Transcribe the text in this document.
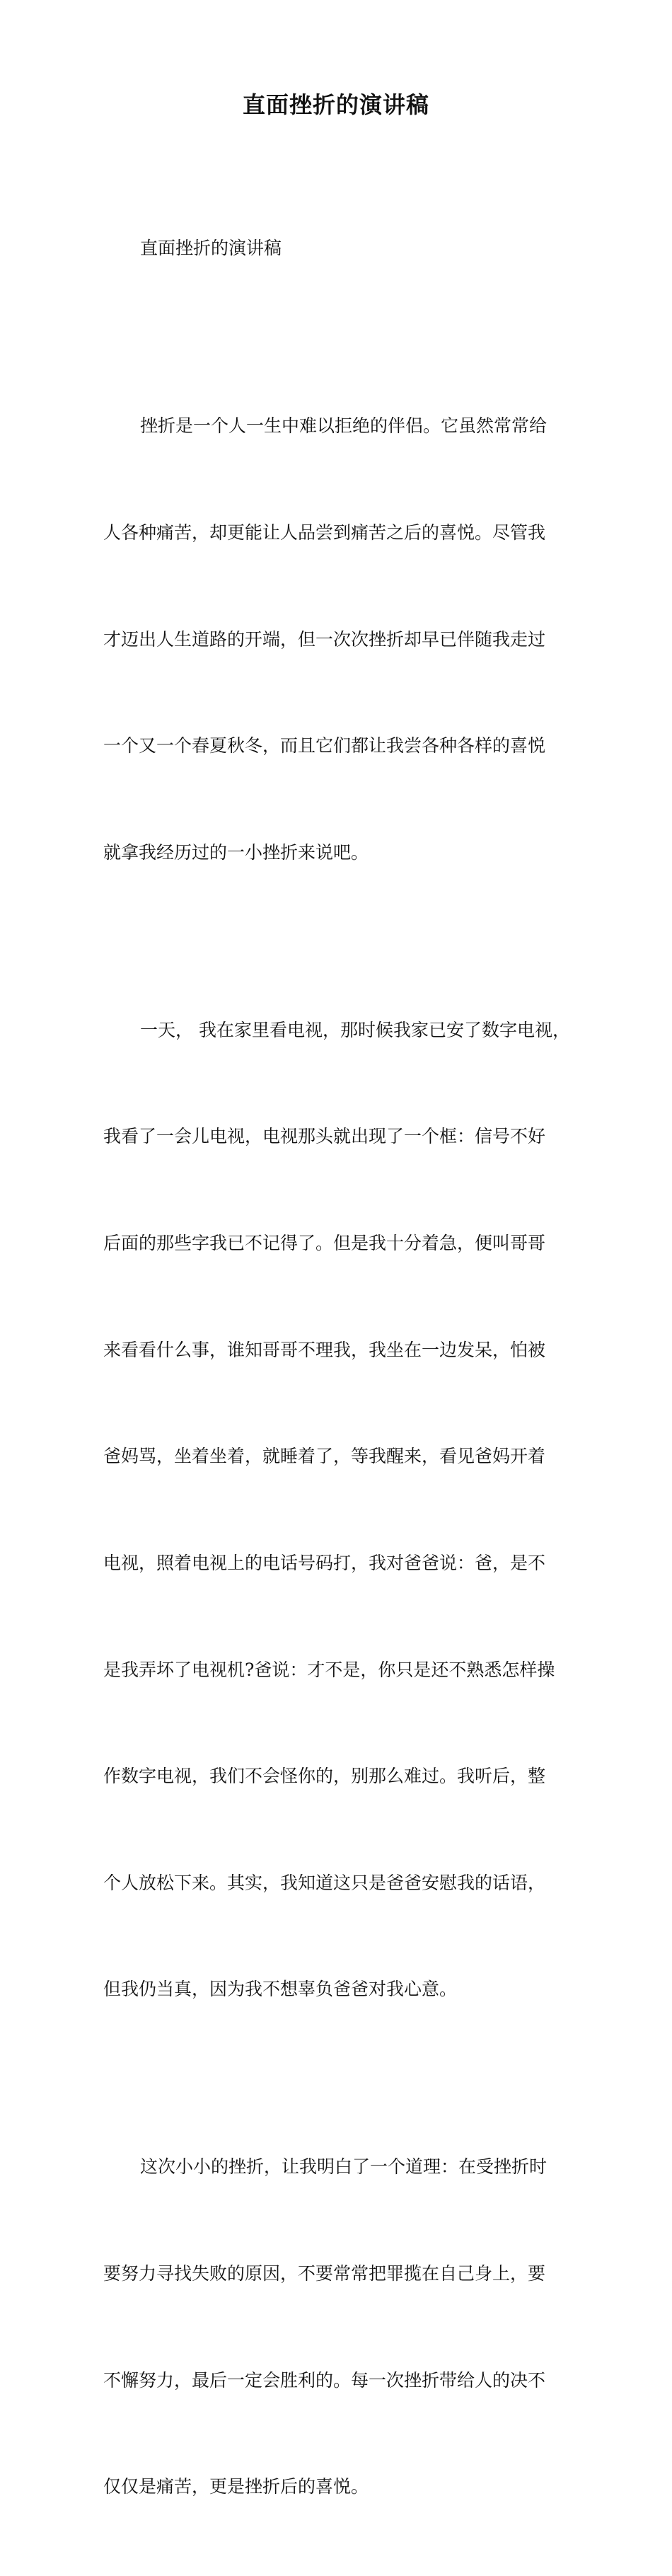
直面挫折的演讲稿

直面挫折的演讲稿

挫折是一个人一生中难以拒绝的伴侣。它虽然常常给

人各种痛苦，却更能让人品尝到痛苦之后的喜悦。尽管我

才迈出人生道路的开端，但一次次挫折却早已伴随我走过

一个又一个春夏秋冬，而且它们都让我尝各种各样的喜悦

就拿我经历过的一小挫折来说吧。

一天， 我在家里看电视，那时候我家已安了数字电视，

我看了一会儿电视，电视那头就出现了一个框：信号不好

后面的那些字我已不记得了。但是我十分着急，便叫哥哥

来看看什么事，谁知哥哥不理我，我坐在一边发呆，怕被

爸妈骂，坐着坐着，就睡着了，等我醒来，看见爸妈开着

电视，照着电视上的电话号码打，我对爸爸说：爸，是不

是我弄坏了电视机?爸说：才不是，你只是还不熟悉怎样操

作数字电视，我们不会怪你的，别那么难过。我听后，整

个人放松下来。其实，我知道这只是爸爸安慰我的话语，

但我仍当真，因为我不想辜负爸爸对我心意。

这次小小的挫折，让我明白了一个道理：在受挫折时

要努力寻找失败的原因，不要常常把罪揽在自己身上，要

不懈努力，最后一定会胜利的。每一次挫折带给人的决不

仅仅是痛苦，更是挫折后的喜悦。
